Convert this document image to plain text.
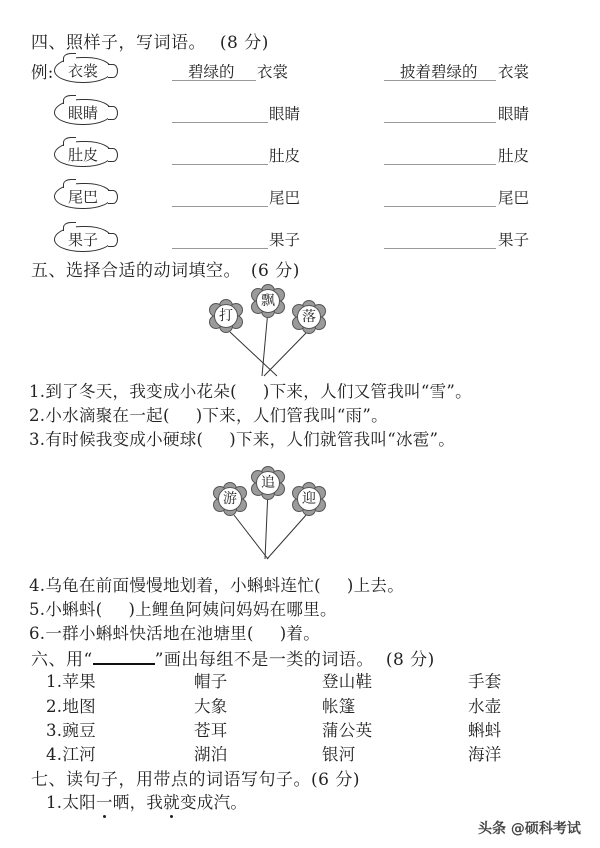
四、照样子，写词语。 (8 分)
例: 衣裳	碧绿的 衣裳	披着碧绿的 衣裳
眼睛	眼睛	眼睛
肚皮	肚皮	肚皮
尾巴	尾巴	尾巴
果子	果子	果子
五、选择合适的动词填空。 (6 分)
打
飘
落
1.到了冬天，我变成小花朵( )下来，人们又管我叫“雪”。
2.小水滴聚在一起( )下来，人们管我叫“雨”。
3.有时候我变成小硬球( )下来，人们就管我叫“冰雹”。
游
追
迎
4.乌龟在前面慢慢地划着，小蝌蚪连忙( )上去。
5.小蝌蚪( )上鲤鱼阿姨问妈妈在哪里。
6.一群小蝌蚪快活地在池塘里( )着。
六、用“	”画出每组不是一类的词语。 (8 分)
1.苹果	帽子	登山鞋	手套
2.地图	大象	帐篷	水壶
3.豌豆	苍耳	蒲公英	蝌蚪
4.江河	湖泊	银河	海洋
七、读句子，用带点的词语写句子。(6 分)
1.太阳一晒，我就变成汽。
头条 @硕科考试
